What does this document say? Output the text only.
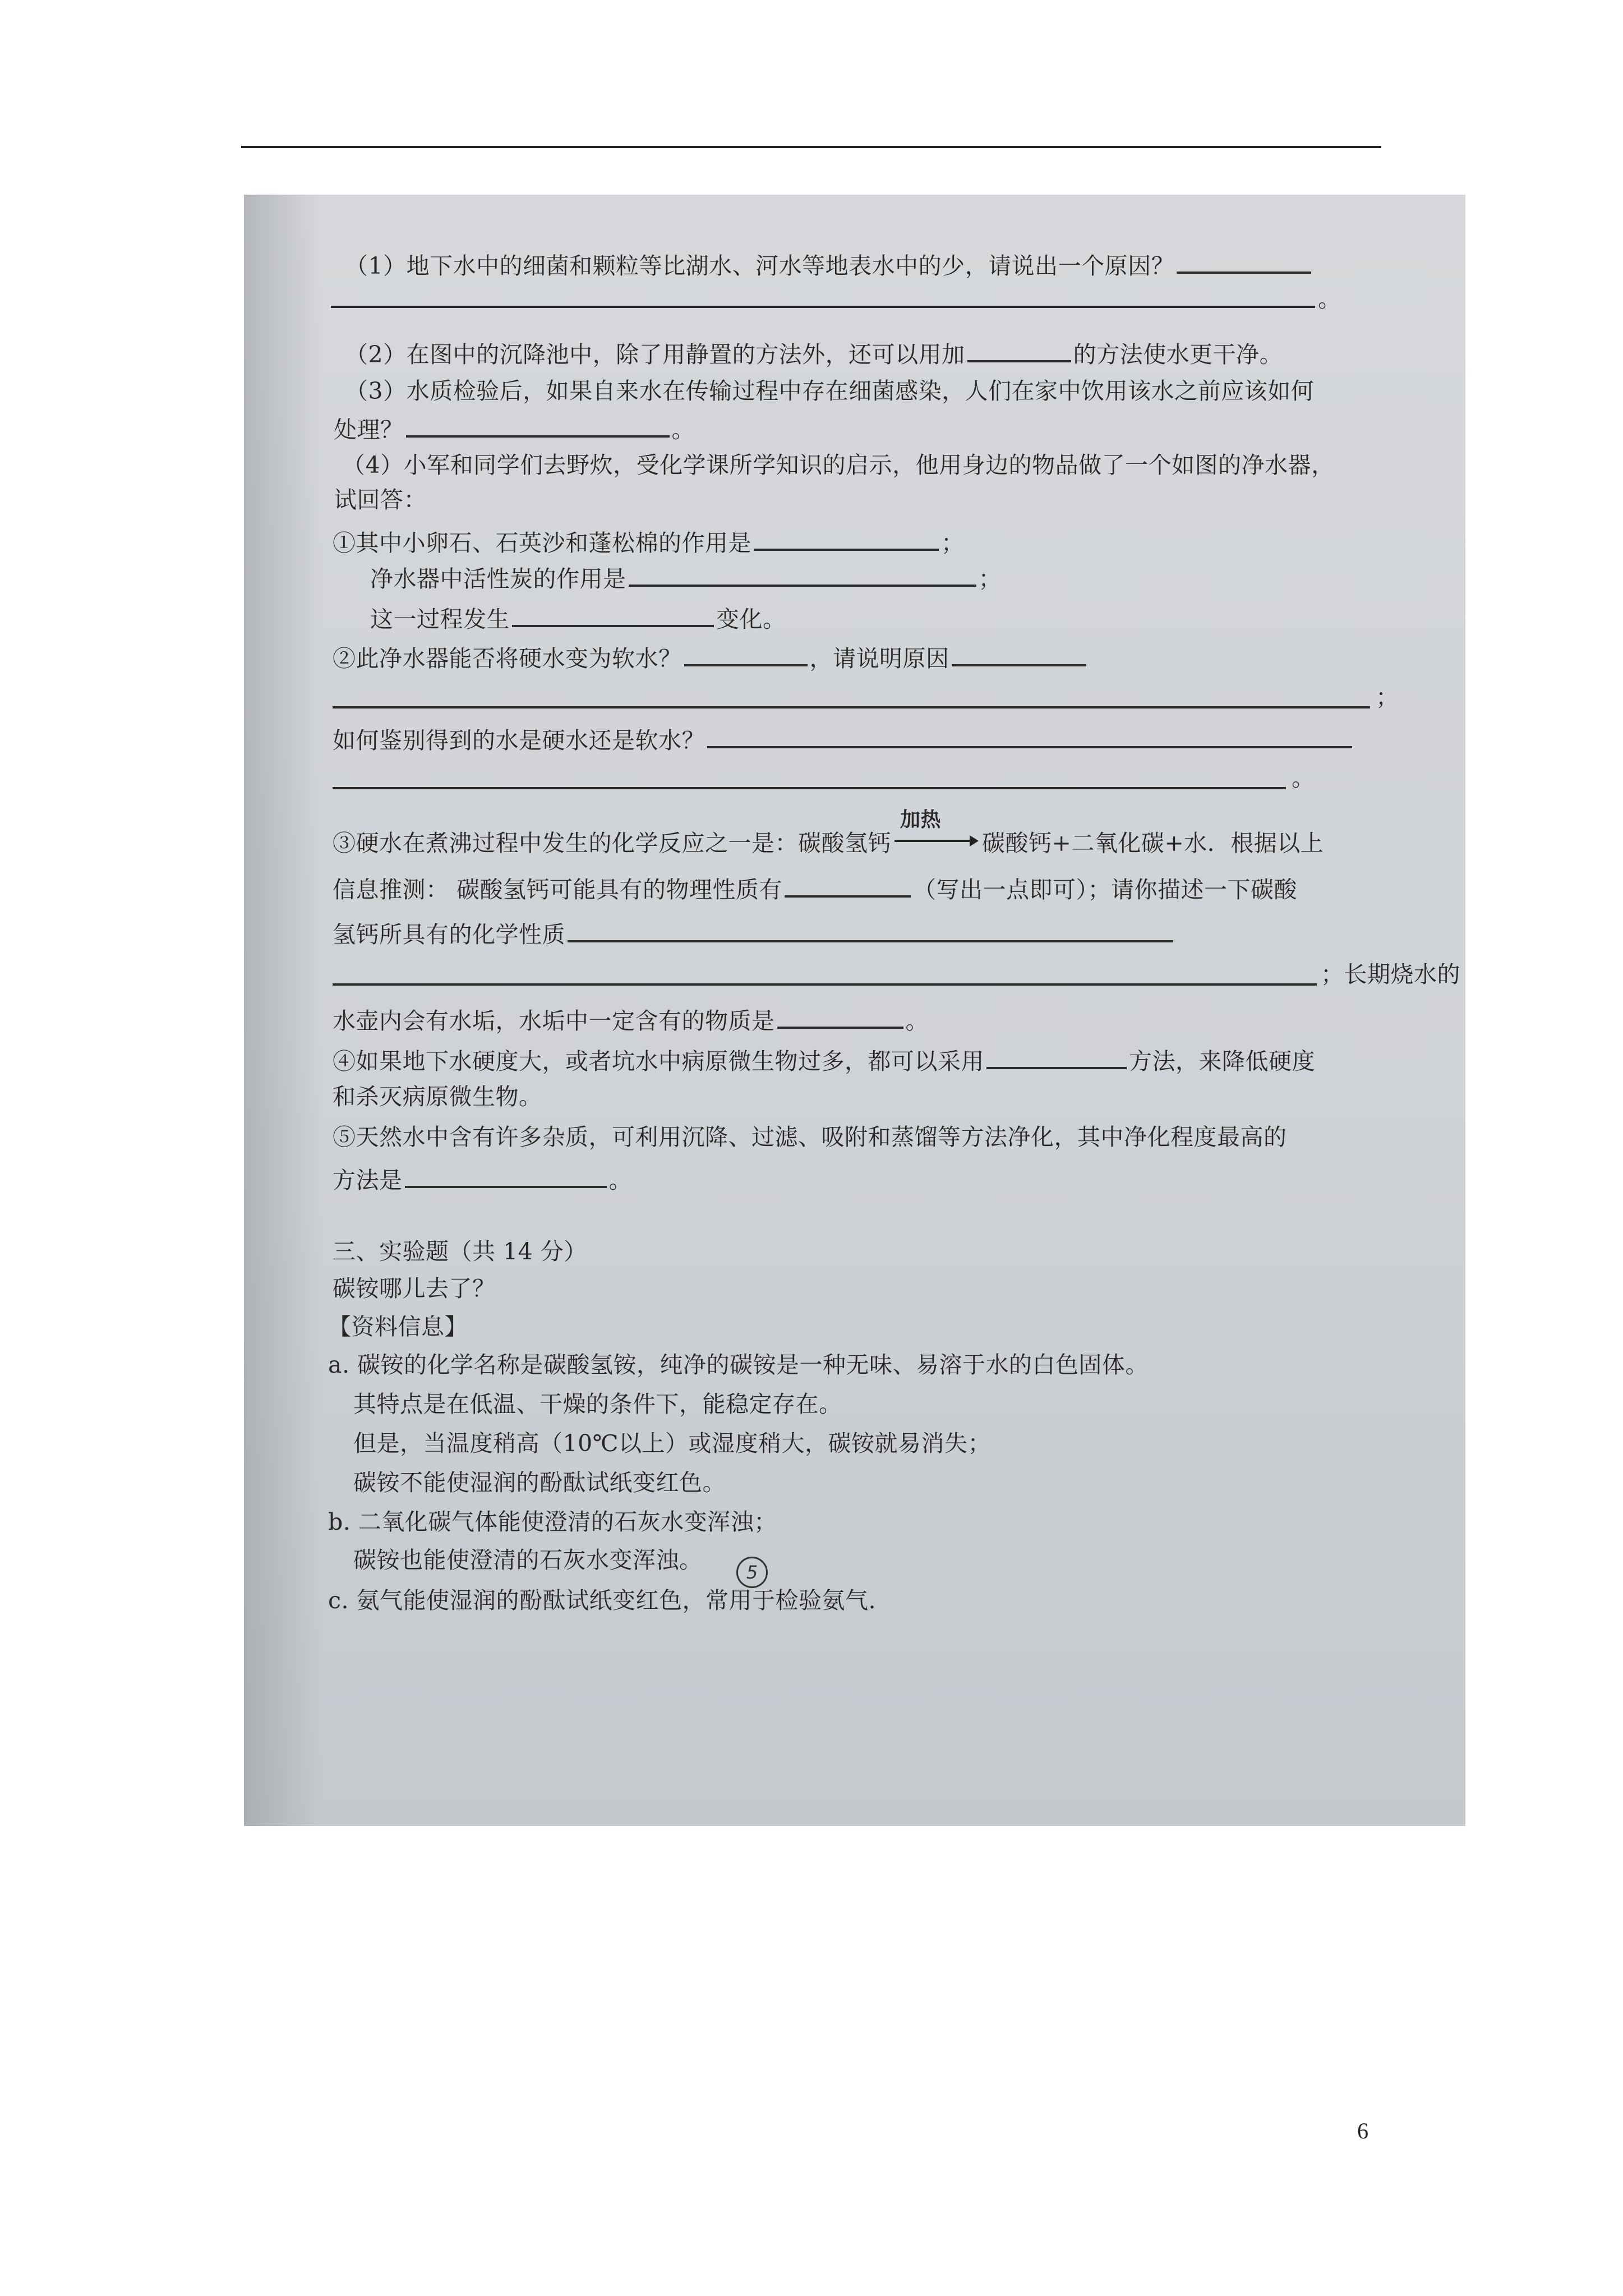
（1）地下水中的细菌和颗粒等比湖水、河水等地表水中的少，请说出一个原因？
。
（2）在图中的沉降池中，除了用静置的方法外，还可以用加	的方法使水更干净。
（3）水质检验后，如果自来水在传输过程中存在细菌感染，人们在家中饮用该水之前应该如何
处理？	。
（4）小军和同学们去野炊，受化学课所学知识的启示，他用身边的物品做了一个如图的净水器，
试回答：
①其中小卵石、石英沙和蓬松棉的作用是	；
净水器中活性炭的作用是	；
这一过程发生	变化。
②此净水器能否将硬水变为软水？	，请说明原因
；
如何鉴别得到的水是硬水还是软水？
。
③硬水在煮沸过程中发生的化学反应之一是：碳酸氢钙
加热
碳酸钙+二氧化碳+水．根据以上
信息推测： 碳酸氢钙可能具有的物理性质有	（写出一点即可）；请你描述一下碳酸
氢钙所具有的化学性质
；长期烧水的
水壶内会有水垢，水垢中一定含有的物质是	。
④如果地下水硬度大，或者坑水中病原微生物过多，都可以采用	方法，来降低硬度
和杀灭病原微生物。
⑤天然水中含有许多杂质，可利用沉降、过滤、吸附和蒸馏等方法净化，其中净化程度最高的
方法是	。
三、实验题（共 14 分）
碳铵哪儿去了？
【资料信息】
a. 碳铵的化学名称是碳酸氢铵，纯净的碳铵是一种无味、易溶于水的白色固体。
其特点是在低温、干燥的条件下，能稳定存在。
但是，当温度稍高（10℃以上）或湿度稍大，碳铵就易消失；
碳铵不能使湿润的酚酞试纸变红色。
b. 二氧化碳气体能使澄清的石灰水变浑浊；
碳铵也能使澄清的石灰水变浑浊。
c. 氨气能使湿润的酚酞试纸变红色，常用于检验氨气.
5
6
